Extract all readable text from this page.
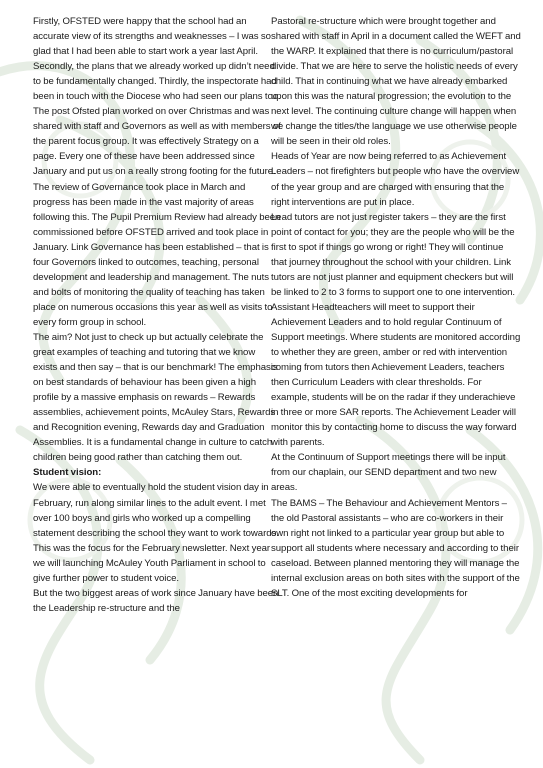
Firstly, OFSTED were happy that the school had an accurate view of its strengths and weaknesses – I was so glad that I had been able to start work a year last April. Secondly, the plans that we already worked up didn’t need to be fundamentally changed. Thirdly, the inspectorate had been in touch with the Diocese who had seen our plans too. The post Ofsted plan worked on over Christmas and was shared with staff and Governors as well as with members of the parent focus group. It was effectively Strategy on a page. Every one of these have been addressed since January and put us on a really strong footing for the future. The review of Governance took place in March and progress has been made in the vast majority of areas following this. The Pupil Premium Review had already been commissioned before OFSTED arrived and took place in January. Link Governance has been established – that is four Governors linked to outcomes, teaching, personal development and leadership and management. The nuts and bolts of monitoring the quality of teaching has taken place on numerous occasions this year as well as visits to every form group in school.

The aim? Not just to check up but actually celebrate the great examples of teaching and tutoring that we know exists and then say – that is our benchmark! The emphasis on best standards of behaviour has been given a high profile by a massive emphasis on rewards – Rewards assemblies, achievement points, McAuley Stars, Rewards and Recognition evening, Rewards day and Graduation Assemblies. It is a fundamental change in culture to catch children being good rather than catching them out.

Student vision:

We were able to eventually hold the student vision day in February, run along similar lines to the adult event. I met over 100 boys and girls who worked up a compelling statement describing the school they want to work towards. This was the focus for the February newsletter. Next year we will launching McAuley Youth Parliament in school to give further power to student voice.

But the two biggest areas of work since January have been the Leadership re-structure and the

Pastoral re-structure which were brought together and shared with staff in April in a document called the WEFT and the WARP. It explained that there is no curriculum/pastoral divide. That we are here to serve the holistic needs of every child. That in continuing what we have already embarked upon this was the natural progression; the evolution to the next level. The continuing culture change will happen when we change the titles/the language we use otherwise people will be seen in their old roles.

Heads of Year are now being referred to as Achievement Leaders – not firefighters but people who have the overview of the year group and are charged with ensuring that the right interventions are put in place.

Lead tutors are not just register takers – they are the first point of contact for you; they are the people who will be the first to spot if things go wrong or right! They will continue that journey throughout the school with your children. Link tutors are not just planner and equipment checkers but will be linked to 2 to 3 forms to support one to one intervention.

Assistant Headteachers will meet to support their Achievement Leaders and to hold regular Continuum of Support meetings. Where students are monitored according to whether they are green, amber or red with intervention coming from tutors then Achievement Leaders, teachers then Curriculum Leaders with clear thresholds. For example, students will be on the radar if they underachieve in three or more SAR reports. The Achievement Leader will monitor this by contacting home to discuss the way forward with parents.

At the Continuum of Support meetings there will be input from our chaplain, our SEND department and two new areas.

The BAMS – The Behaviour and Achievement Mentors – the old Pastoral assistants – who are co-workers in their own right not linked to a particular year group but able to support all students where necessary and according to their caseload. Between planned mentoring they will manage the internal exclusion areas on both sites with the support of the SLT. One of the most exciting developments for
